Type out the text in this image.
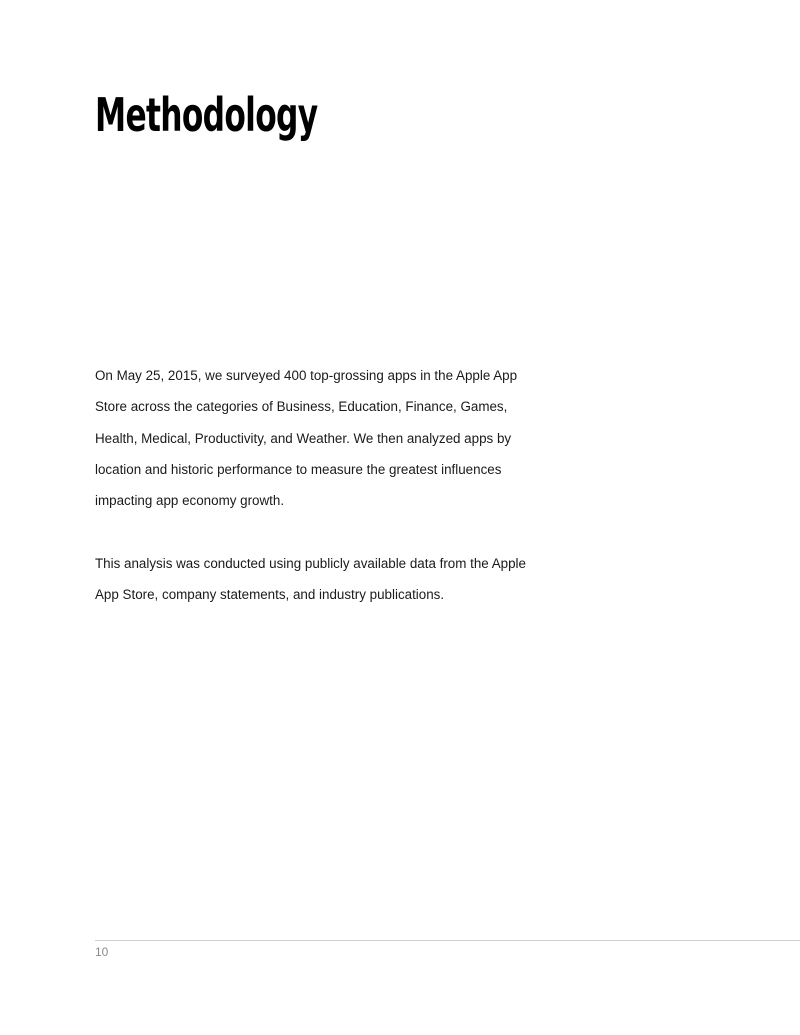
Methodology

On May 25, 2015, we surveyed 400 top-grossing apps in the Apple App Store across the categories of Business, Education, Finance, Games, Health, Medical, Productivity, and Weather. We then analyzed apps by location and historic performance to measure the greatest influences impacting app economy growth.

This analysis was conducted using publicly available data from the Apple App Store, company statements, and industry publications.

10
